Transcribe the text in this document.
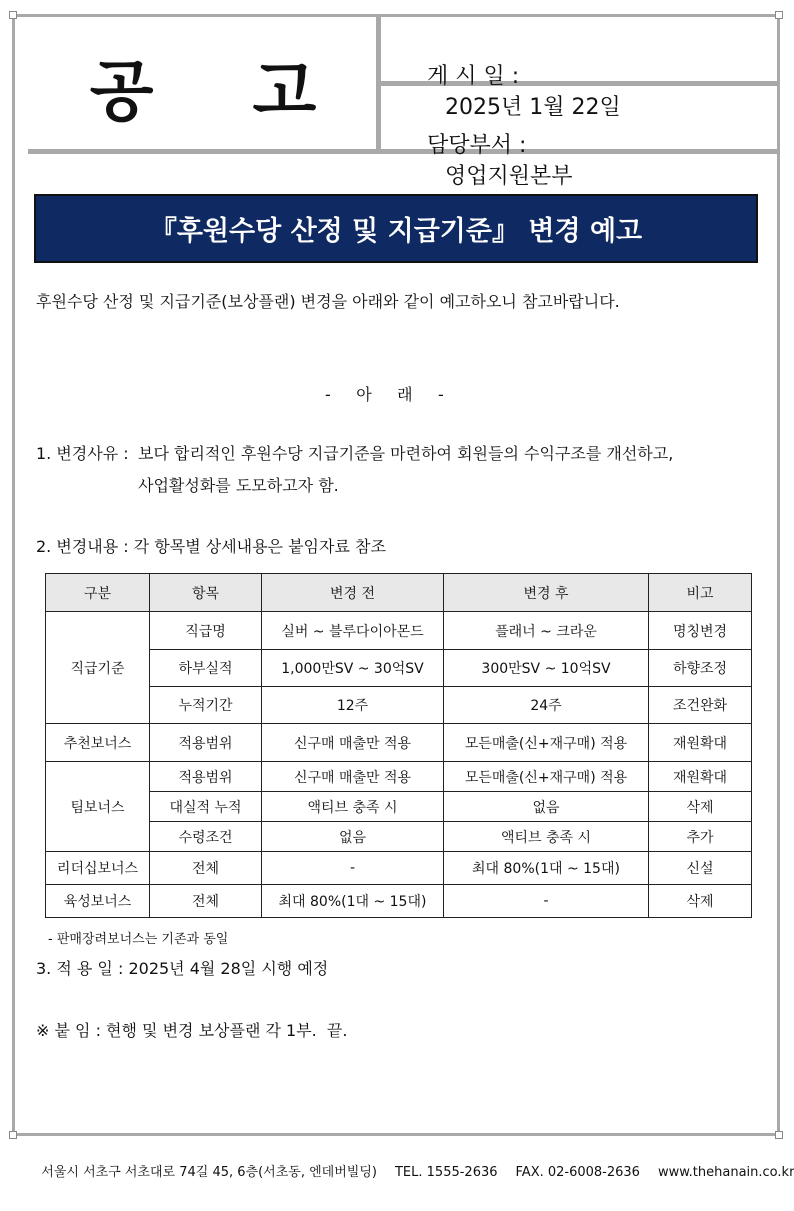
공 고	게 시 일 :
2025년 1월 22일

담당부서 :
영업지원본부

『후원수당 산정 및 지급기준』 변경 예고
후원수당 산정 및 지급기준(보상플랜) 변경을 아래와 같이 예고하오니 참고바랍니다.
-     아     래     -
1. 변경사유 : 보다 합리적인 후원수당 지급기준을 마련하여 회원들의 수익구조를 개선하고,
사업활성화를 도모하고자 함.
2. 변경내용 : 각 항목별 상세내용은 붙임자료 참조
구분	항목	변경 전	변경 후	비고
직급기준	직급명	실버 ~ 블루다이아몬드	플래너 ~ 크라운	명칭변경
	하부실적	1,000만SV ~ 30억SV	300만SV ~ 10억SV	하향조정
	누적기간	12주	24주	조건완화
추천보너스	적용범위	신구매 매출만 적용	모든매출(신+재구매) 적용	재원확대
팀보너스	적용범위	신구매 매출만 적용	모든매출(신+재구매) 적용	재원확대
	대실적 누적	액티브 충족 시	없음	삭제
	수령조건	없음	액티브 충족 시	추가
리더십보너스	전체	-	최대 80%(1대 ~ 15대)	신설
육성보너스	전체	최대 80%(1대 ~ 15대)	-	삭제
- 판매장려보너스는 기존과 동일
3. 적 용 일 : 2025년 4월 28일 시행 예정
※ 붙 임 : 현행 및 변경 보상플랜 각 1부.  끝.

서울시 서초구 서초대로 74길 45, 6층(서초동, 엔데버빌딩) TEL. 1555-2636 FAX. 02-6008-2636 www.thehanain.co.kr
